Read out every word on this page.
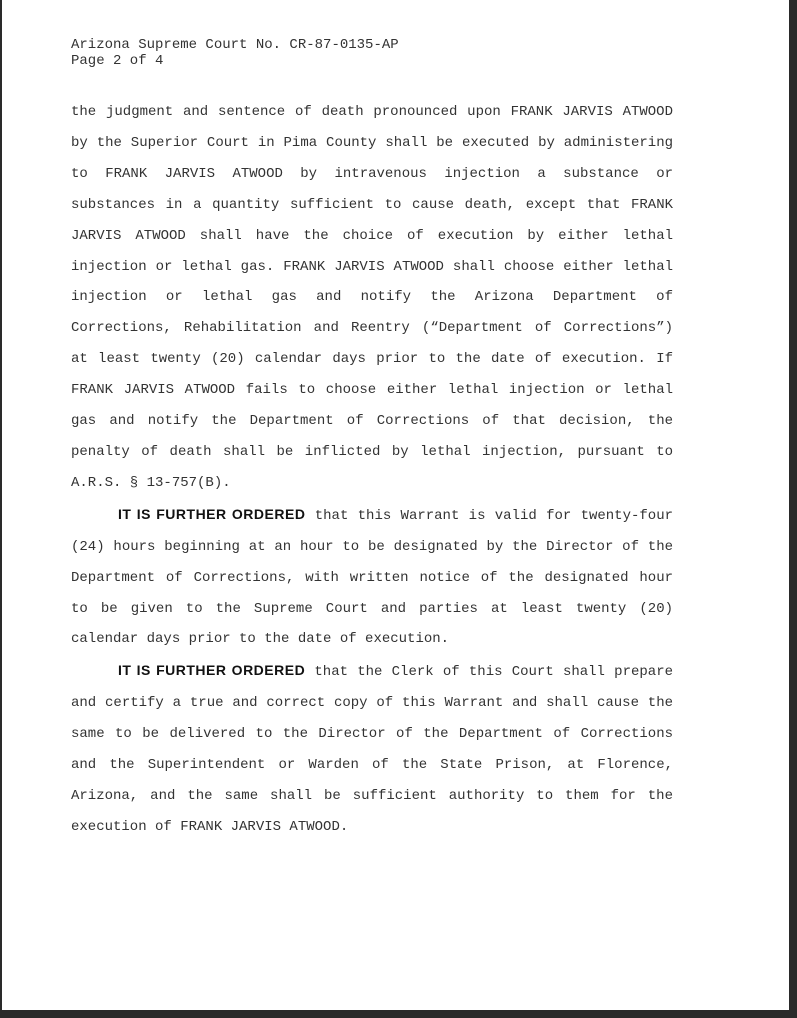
Arizona Supreme Court No. CR-87-0135-AP
Page 2 of 4

the judgment and sentence of death pronounced upon FRANK JARVIS ATWOOD by the Superior Court in Pima County shall be executed by administering to FRANK JARVIS ATWOOD by intravenous injection a substance or substances in a quantity sufficient to cause death, except that FRANK JARVIS ATWOOD shall have the choice of execution by either lethal injection or lethal gas. FRANK JARVIS ATWOOD shall choose either lethal injection or lethal gas and notify the Arizona Department of Corrections, Rehabilitation and Reentry (“Department of Corrections”) at least twenty (20) calendar days prior to the date of execution. If FRANK JARVIS ATWOOD fails to choose either lethal injection or lethal gas and notify the Department of Corrections of that decision, the penalty of death shall be inflicted by lethal injection, pursuant to A.R.S. § 13-757(B).

IT IS FURTHER ORDERED that this Warrant is valid for twenty-four (24) hours beginning at an hour to be designated by the Director of the Department of Corrections, with written notice of the designated hour to be given to the Supreme Court and parties at least twenty (20) calendar days prior to the date of execution.

IT IS FURTHER ORDERED that the Clerk of this Court shall prepare and certify a true and correct copy of this Warrant and shall cause the same to be delivered to the Director of the Department of Corrections and the Superintendent or Warden of the State Prison, at Florence, Arizona, and the same shall be sufficient authority to them for the execution of FRANK JARVIS ATWOOD.
